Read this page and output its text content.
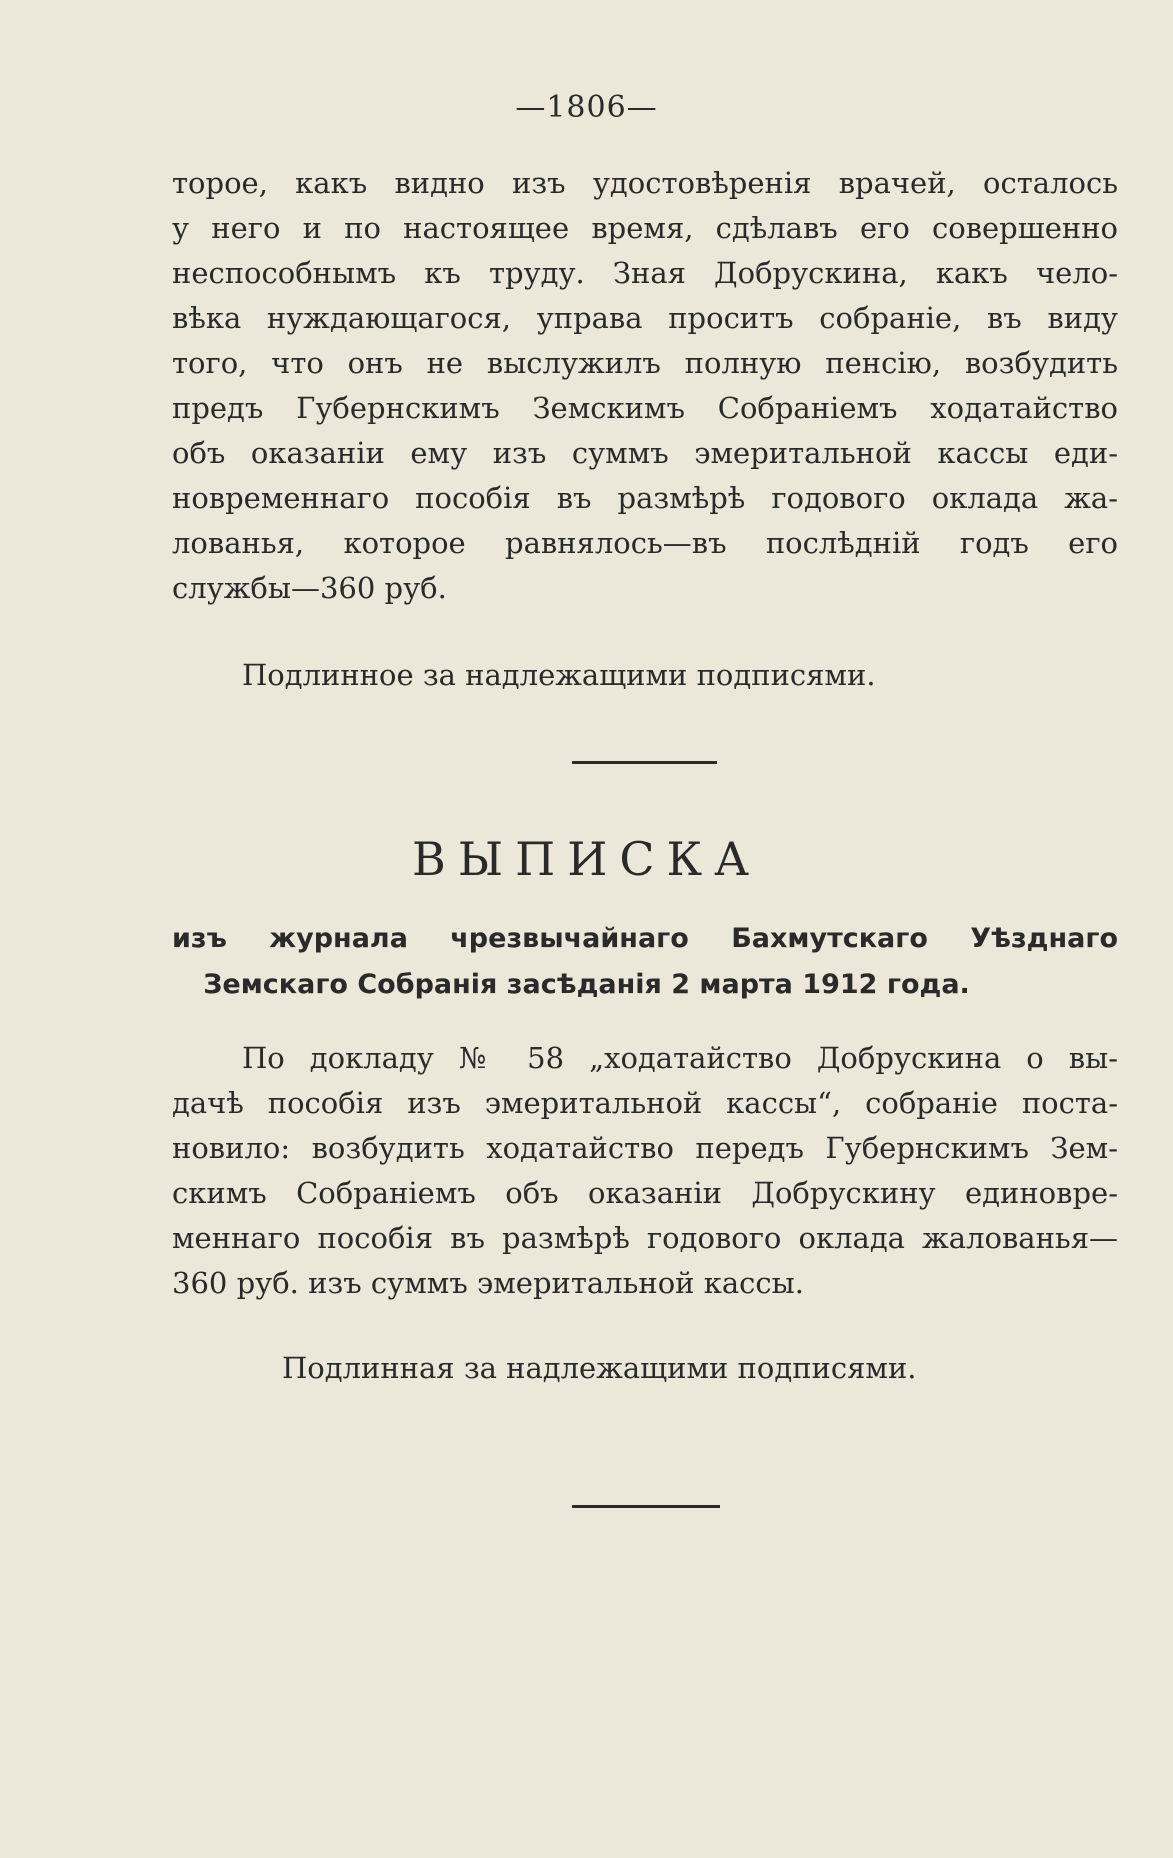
—1806—
торое, какъ видно изъ удостовѣренія врачей, осталось
у него и по настоящее время, сдѣлавъ его совершенно
неспособнымъ къ труду. Зная Добрускина, какъ чело-
вѣка нуждающагося, управа проситъ собраніе, въ виду
того, что онъ не выслужилъ полную пенсію, возбудить
предъ Губернскимъ Земскимъ Собраніемъ ходатайство
объ оказаніи ему изъ суммъ эмеритальной кассы еди-
новременнаго пособія въ размѣрѣ годового оклада жа-
лованья, которое равнялось—въ послѣдній годъ его
службы—360 руб.
Подлинное за надлежащими подписями.
ВЫПИСКА
изъ журнала чрезвычайнаго Бахмутскаго Уѣзднаго
Земскаго Собранія засѣданія 2 марта 1912 года.
По докладу № 58 „ходатайство Добрускина о вы-
дачѣ пособія изъ эмеритальной кассы“, собраніе поста-
новило: возбудить ходатайство передъ Губернскимъ Зем-
скимъ Собраніемъ объ оказаніи Добрускину единовре-
меннаго пособія въ размѣрѣ годового оклада жалованья—
360 руб. изъ суммъ эмеритальной кассы.
Подлинная за надлежащими подписями.
